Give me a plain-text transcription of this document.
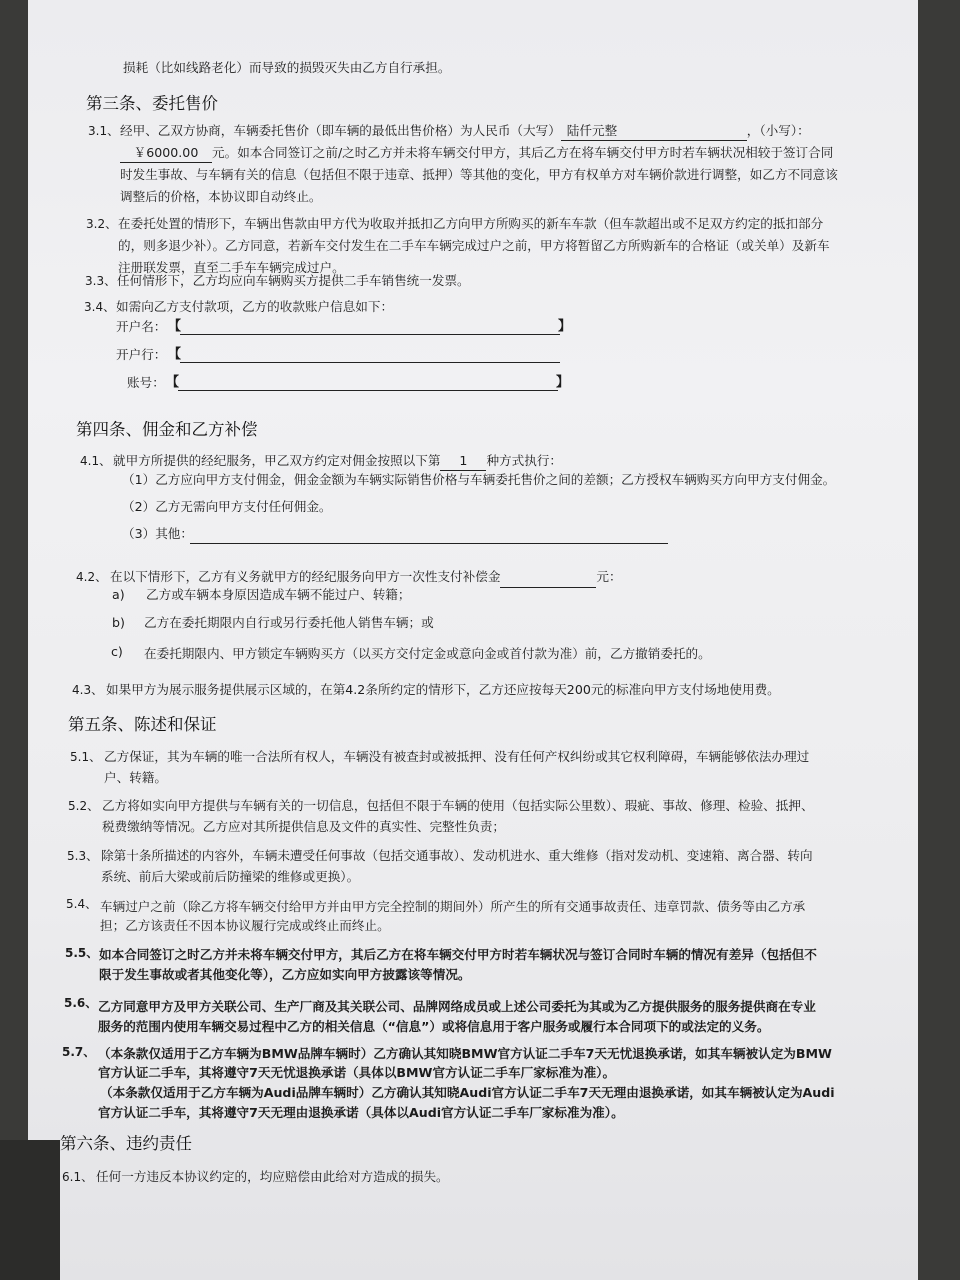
损耗（比如线路老化）而导致的损毁灭失由乙方自行承担。
第三条、委托售价
3.1、 经甲、乙双方协商，车辆委托售价（即车辆的最低出售价格）为人民币（大写） 陆仟元整	，（小写）：
￥6000.00 元。如本合同签订之前/之时乙方并未将车辆交付甲方，其后乙方在将车辆交付甲方时若车辆状况相较于签订合同
时发生事故、与车辆有关的信息（包括但不限于违章、抵押）等其他的变化，甲方有权单方对车辆价款进行调整，如乙方不同意该
调整后的价格，本协议即自动终止。
3.2、 在委托处置的情形下，车辆出售款由甲方代为收取并抵扣乙方向甲方所购买的新车车款（但车款超出或不足双方约定的抵扣部分
的，则多退少补）。乙方同意，若新车交付发生在二手车车辆完成过户之前，甲方将暂留乙方所购新车的合格证（或关单）及新车
注册联发票，直至二手车车辆完成过户。
3.3、 任何情形下，乙方均应向车辆购买方提供二手车销售统一发票。
3.4、 如需向乙方支付款项，乙方的收款账户信息如下：
开户名： 【	】
开户行： 【
账号： 【	】
第四条、佣金和乙方补偿
4.1、 就甲方所提供的经纪服务，甲乙双方约定对佣金按照以下第 1 种方式执行：
（1）乙方应向甲方支付佣金，佣金金额为车辆实际销售价格与车辆委托售价之间的差额；乙方授权车辆购买方向甲方支付佣金。
（2）乙方无需向甲方支付任何佣金。
（3）其他：
4.2、 在以下情形下，乙方有义务就甲方的经纪服务向甲方一次性支付补偿金	元：
a) 乙方或车辆本身原因造成车辆不能过户、转籍；
b) 乙方在委托期限内自行或另行委托他人销售车辆；或
c) 在委托期限内、甲方锁定车辆购买方（以买方交付定金或意向金或首付款为准）前，乙方撤销委托的。
4.3、 如果甲方为展示服务提供展示区域的，在第4.2条所约定的情形下，乙方还应按每天200元的标准向甲方支付场地使用费。
第五条、陈述和保证
5.1、 乙方保证，其为车辆的唯一合法所有权人，车辆没有被查封或被抵押、没有任何产权纠纷或其它权利障碍，车辆能够依法办理过
户、转籍。
5.2、 乙方将如实向甲方提供与车辆有关的一切信息，包括但不限于车辆的使用（包括实际公里数）、瑕疵、事故、修理、检验、抵押、
税费缴纳等情况。乙方应对其所提供信息及文件的真实性、完整性负责；
5.3、 除第十条所描述的内容外，车辆未遭受任何事故（包括交通事故）、发动机进水、重大维修（指对发动机、变速箱、离合器、转向
系统、前后大梁或前后防撞梁的维修或更换）。
5.4、 车辆过户之前（除乙方将车辆交付给甲方并由甲方完全控制的期间外）所产生的所有交通事故责任、违章罚款、债务等由乙方承
担；乙方该责任不因本协议履行完成或终止而终止。
5.5、 如本合同签订之时乙方并未将车辆交付甲方，其后乙方在将车辆交付甲方时若车辆状况与签订合同时车辆的情况有差异（包括但不
限于发生事故或者其他变化等），乙方应如实向甲方披露该等情况。
5.6、 乙方同意甲方及甲方关联公司、生产厂商及其关联公司、品牌网络成员或上述公司委托为其或为乙方提供服务的服务提供商在专业
服务的范围内使用车辆交易过程中乙方的相关信息（“信息”）或将信息用于客户服务或履行本合同项下的或法定的义务。
5.7、 （本条款仅适用于乙方车辆为BMW品牌车辆时）乙方确认其知晓BMW官方认证二手车7天无忧退换承诺，如其车辆被认定为BMW
官方认证二手车，其将遵守7天无忧退换承诺（具体以BMW官方认证二手车厂家标准为准）。
（本条款仅适用于乙方车辆为Audi品牌车辆时）乙方确认其知晓Audi官方认证二手车7天无理由退换承诺，如其车辆被认定为Audi
官方认证二手车，其将遵守7天无理由退换承诺（具体以Audi官方认证二手车厂家标准为准）。
第六条、违约责任
6.1、 任何一方违反本协议约定的，均应赔偿由此给对方造成的损失。
